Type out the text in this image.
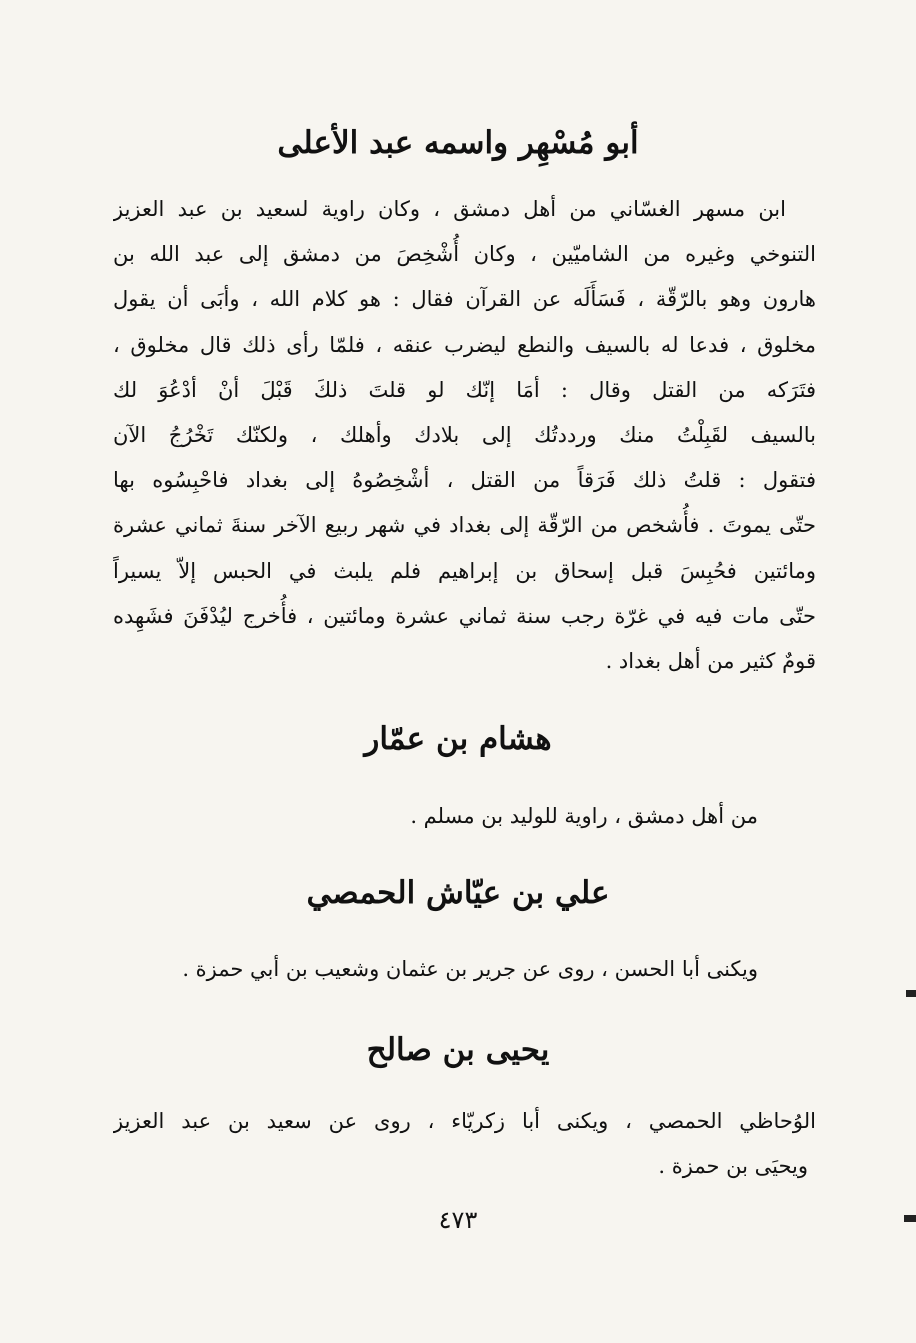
أبو مُسْهِر واسمه عبد الأعلى
ابن مسهر الغسّاني من أهل دمشق ، وكان راوية لسعيد بن عبد العزيز
التنوخي وغيره من الشاميّين ، وكان أُشْخِصَ من دمشق إلى عبد الله بن
هارون وهو بالرّقّة ، فَسَأَلَه عن القرآن فقال : هو كلام الله ، وأبَى أن يقول
مخلوق ، فدعا له بالسيف والنطع ليضرب عنقه ، فلمّا رأى ذلك قال مخلوق ،
فتَرَكه من القتل وقال : أمَا إنّك لو قلتَ ذلكَ قَبْلَ أنْ أدْعُوَ لك
بالسيف لقَبِلْتُ منك ورددتُك إلى بلادك وأهلك ، ولكنّك تَخْرُجُ الآن
فتقول : قلتُ ذلك فَرَقاً من القتل ، أشْخِصُوهُ إلى بغداد فاحْبِسُوه بها
حتّى يموتَ . فأُشخص من الرّقّة إلى بغداد في شهر ربيع الآخر سنةَ ثماني عشرة
ومائتين فحُبِسَ قبل إسحاق بن إبراهيم فلم يلبث في الحبس إلاّ يسيراً
حتّى مات فيه في غرّة رجب سنة ثماني عشرة ومائتين ، فأُخرج ليُدْفَنَ فشَهِده
قومٌ كثير من أهل بغداد .
هشام بن عمّار
من أهل دمشق ، راوية للوليد بن مسلم .
علي بن عيّاش الحمصي
ويكنى أبا الحسن ، روى عن جرير بن عثمان وشعيب بن أبي حمزة .
يحيى بن صالح
الوُحاظي الحمصي ، ويكنى أبا زكريّاء ، روى عن سعيد بن عبد العزيز
ويحيَى بن حمزة .
٤٧٣
